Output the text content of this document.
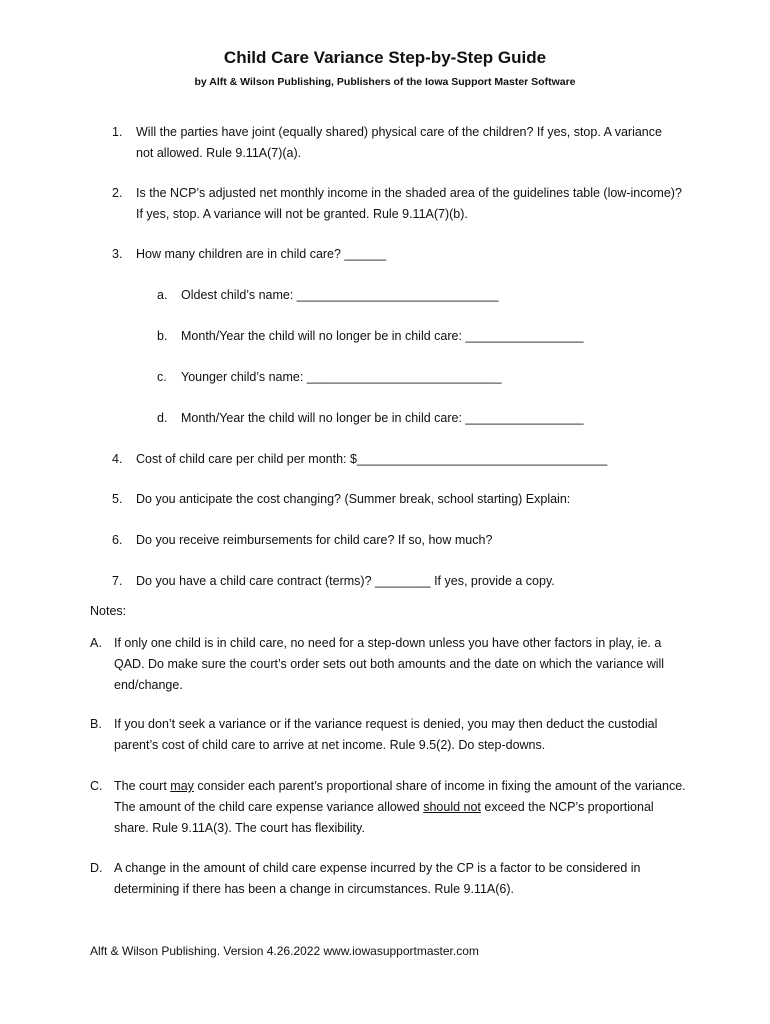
Child Care Variance Step-by-Step Guide
by Alft & Wilson Publishing, Publishers of the Iowa Support Master Software
1.	Will the parties have joint (equally shared) physical care of the children? If yes, stop. A variance not allowed. Rule 9.11A(7)(a).
2.	Is the NCP’s adjusted net monthly income in the shaded area of the guidelines table (low-income)? If yes, stop. A variance will not be granted. Rule 9.11A(7)(b).
3.	How many children are in child care? ______
a.	Oldest child’s name: _____________________________
b.	Month/Year the child will no longer be in child care: _________________
c.	Younger child’s name: ____________________________
d.	Month/Year the child will no longer be in child care: _________________
4.	Cost of child care per child per month: $____________________________________
5.	Do you anticipate the cost changing? (Summer break, school starting) Explain:
6.	Do you receive reimbursements for child care? If so, how much?
7.	Do you have a child care contract (terms)? ________ If yes, provide a copy.
Notes:
A. If only one child is in child care, no need for a step-down unless you have other factors in play, ie. a QAD. Do make sure the court’s order sets out both amounts and the date on which the variance will end/change.
B. If you don’t seek a variance or if the variance request is denied, you may then deduct the custodial parent’s cost of child care to arrive at net income. Rule 9.5(2). Do step-downs.
C. The court may consider each parent’s proportional share of income in fixing the amount of the variance. The amount of the child care expense variance allowed should not exceed the NCP’s proportional share. Rule 9.11A(3). The court has flexibility.
D. A change in the amount of child care expense incurred by the CP is a factor to be considered in determining if there has been a change in circumstances. Rule 9.11A(6).
Alft & Wilson Publishing. Version 4.26.2022 www.iowasupportmaster.com
